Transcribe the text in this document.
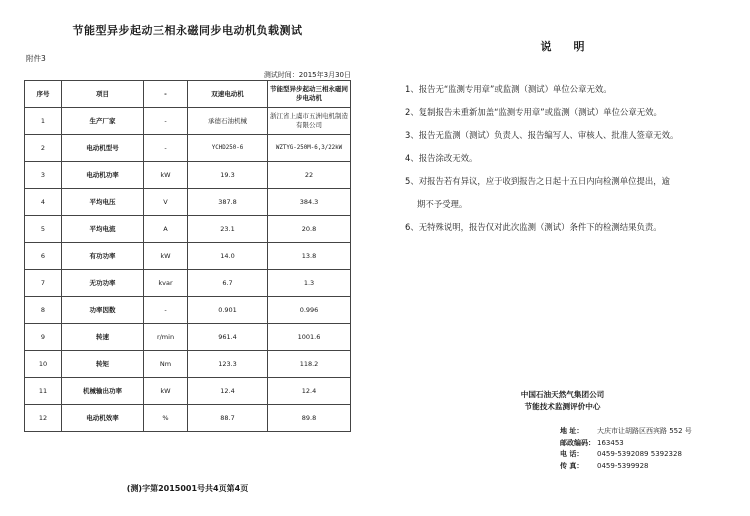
节能型异步起动三相永磁同步电动机负载测试
附件3
测试时间：2015年3月30日
序号	项目	-	双速电动机	节能型异步起动三相永磁同步电动机
1	生产厂家	-	承德石油机械	浙江省上虞市五洲电机制造有限公司
2	电动机型号	-	YCHD250-6	WZTYG-250M-6,3/22kW
3	电动机功率	kW	19.3	22
4	平均电压	V	387.8	384.3
5	平均电流	A	23.1	20.8
6	有功功率	kW	14.0	13.8
7	无功功率	kvar	6.7	1.3
8	功率因数	-	0.901	0.996
9	转速	r/min	961.4	1001.6
10	转矩	Nm	123.3	118.2
11	机械输出功率	kW	12.4	12.4
12	电动机效率	%	88.7	89.8
(测)字第2015001号共4页第4页
说明
1、报告无“监测专用章”或监测（测试）单位公章无效。
2、复制报告未重新加盖“监测专用章”或监测（测试）单位公章无效。
3、报告无监测（测试）负责人、报告编写人、审核人、批准人签章无效。
4、报告涂改无效。
5、对报告若有异议，应于收到报告之日起十五日内向检测单位提出，逾
期不予受理。
6、无特殊说明，报告仅对此次监测（测试）条件下的检测结果负责。
中国石油天然气集团公司
节能技术监测评价中心
地 址： 大庆市让胡路区西宾路 552 号
邮政编码： 163453
电 话： 0459-5392089 5392328
传 真： 0459-5399928
